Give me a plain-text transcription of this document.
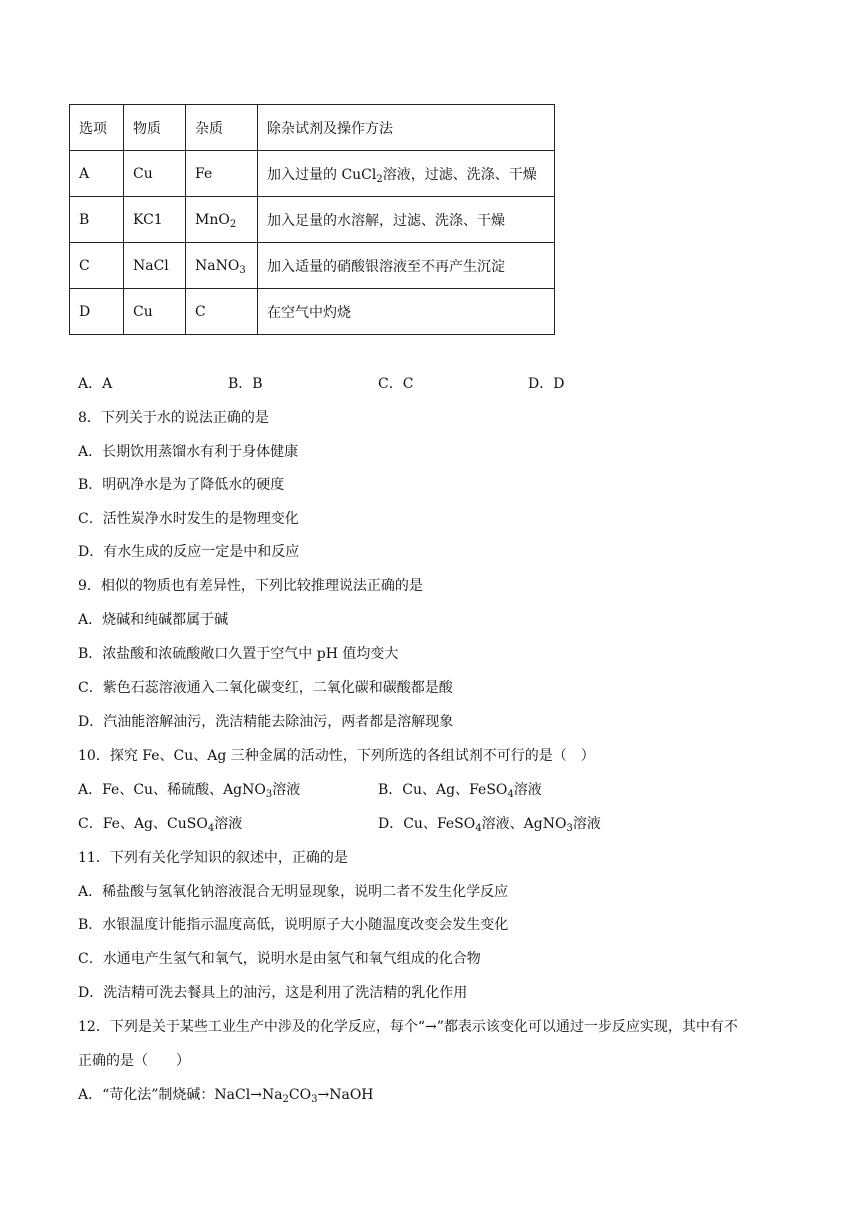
选项	物质	杂质	除杂试剂及操作方法
A	Cu	Fe	加入过量的 CuCl$_2$溶液，过滤、洗涤、干燥
B	KC1	MnO$_2$	加入足量的水溶解，过滤、洗涤、干燥
C	NaCl	NaNO$_3$	加入适量的硝酸银溶液至不再产生沉淀
D	Cu	C	在空气中灼烧
A．A	B．B	C．C	D．D
8．下列关于水的说法正确的是
A．长期饮用蒸馏水有利于身体健康
B．明矾净水是为了降低水的硬度
C．活性炭净水时发生的是物理变化
D．有水生成的反应一定是中和反应
9．相似的物质也有差异性，下列比较推理说法正确的是
A．烧碱和纯碱都属于碱
B．浓盐酸和浓硫酸敞口久置于空气中 pH 值均变大
C．紫色石蕊溶液通入二氧化碳变红，二氧化碳和碳酸都是酸
D．汽油能溶解油污，洗洁精能去除油污，两者都是溶解现象
10．探究 Fe、Cu、Ag 三种金属的活动性，下列所选的各组试剂不可行的是（　）
A．Fe、Cu、稀硫酸、AgNO$_3$溶液	B．Cu、Ag、FeSO$_4$溶液
C．Fe、Ag、CuSO$_4$溶液	D．Cu、FeSO$_4$溶液、AgNO$_3$溶液
11．下列有关化学知识的叙述中，正确的是
A．稀盐酸与氢氧化钠溶液混合无明显现象，说明二者不发生化学反应
B．水银温度计能指示温度高低，说明原子大小随温度改变会发生变化
C．水通电产生氢气和氧气，说明水是由氢气和氧气组成的化合物
D．洗洁精可洗去餐具上的油污，这是利用了洗洁精的乳化作用
12．下列是关于某些工业生产中涉及的化学反应，每个“→”都表示该变化可以通过一步反应实现，其中有不
正确的是（　　）
A．“苛化法”制烧碱：$NaCl\to Na_2CO_3\to NaOH$
